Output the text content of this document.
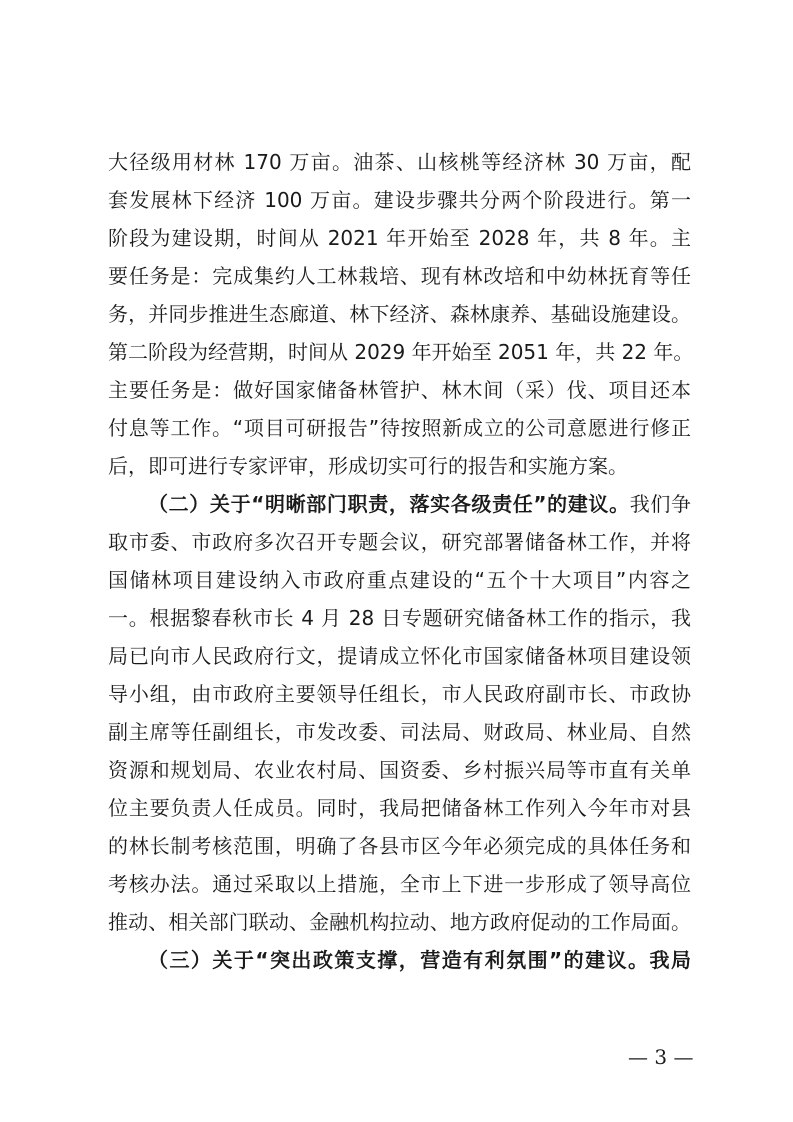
大径级用材林 170 万亩。油茶、山核桃等经济林 30 万亩，配
套发展林下经济 100 万亩。建设步骤共分两个阶段进行。第一
阶段为建设期，时间从 2021 年开始至 2028 年，共 8 年。主
要任务是：完成集约人工林栽培、现有林改培和中幼林抚育等任
务，并同步推进生态廊道、林下经济、森林康养、基础设施建设。
第二阶段为经营期，时间从 2029 年开始至 2051 年，共 22 年。
主要任务是：做好国家储备林管护、林木间（采）伐、项目还本
付息等工作。“项目可研报告”待按照新成立的公司意愿进行修正
后，即可进行专家评审，形成切实可行的报告和实施方案。
（二）关于“明晰部门职责，落实各级责任”的建议。我们争
取市委、市政府多次召开专题会议，研究部署储备林工作，并将
国储林项目建设纳入市政府重点建设的“五个十大项目”内容之
一。根据黎春秋市长 4 月 28 日专题研究储备林工作的指示，我
局已向市人民政府行文，提请成立怀化市国家储备林项目建设领
导小组，由市政府主要领导任组长，市人民政府副市长、市政协
副主席等任副组长，市发改委、司法局、财政局、林业局、自然
资源和规划局、农业农村局、国资委、乡村振兴局等市直有关单
位主要负责人任成员。同时，我局把储备林工作列入今年市对县
的林长制考核范围，明确了各县市区今年必须完成的具体任务和
考核办法。通过采取以上措施，全市上下进一步形成了领导高位
推动、相关部门联动、金融机构拉动、地方政府促动的工作局面。
（三）关于“突出政策支撑，营造有利氛围”的建议。我局
— 3 —
